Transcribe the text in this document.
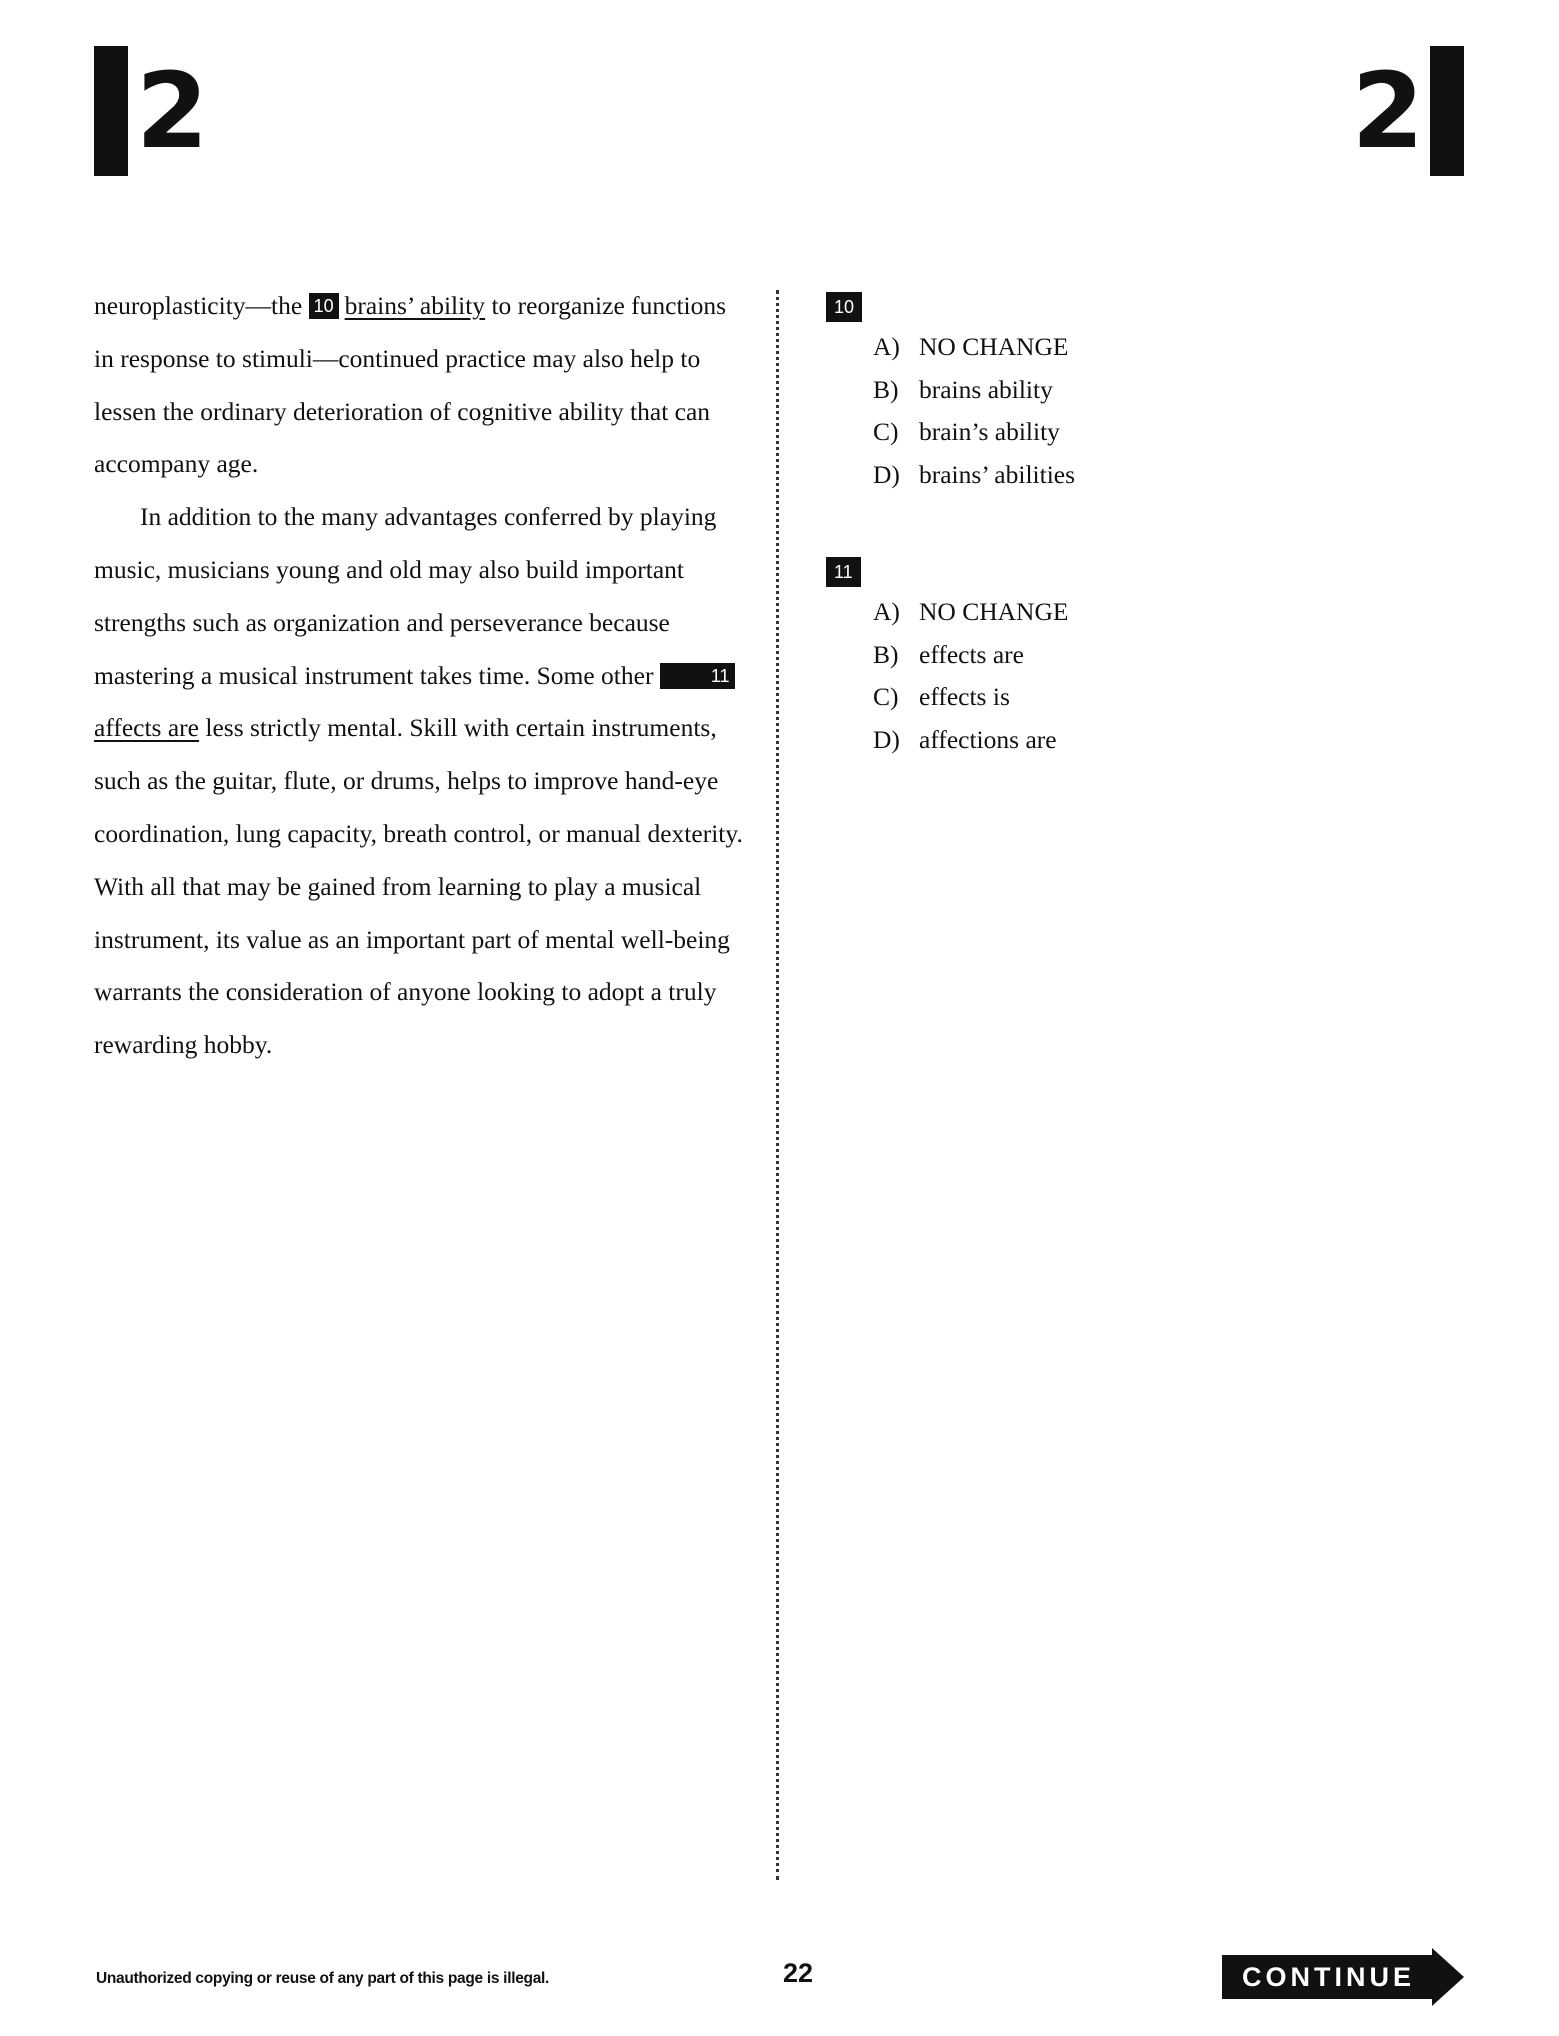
2	2

neuroplasticity—the 10 brains’ ability to reorganize functions in response to stimuli—continued practice may also help to lessen the ordinary deterioration of cognitive ability that can accompany age.

In addition to the many advantages conferred by playing music, musicians young and old may also build important strengths such as organization and perseverance because mastering a musical instrument takes time. Some other	11affects are less strictly mental. Skill with certain instruments, such as the guitar, flute, or drums, helps to improve hand-eye coordination, lung capacity, breath control, or manual dexterity. With all that may be gained from learning to play a musical instrument, its value as an important part of mental well-being warrants the consideration of anyone looking to adopt a truly rewarding hobby.

10
A) NO CHANGE
B) brains ability
C) brain’s ability
D) brains’ abilities
11
A) NO CHANGE
B) effects are
C) effects is
D) affections are
Unauthorized copying or reuse of any part of this page is illegal.	22	CONTINUE
